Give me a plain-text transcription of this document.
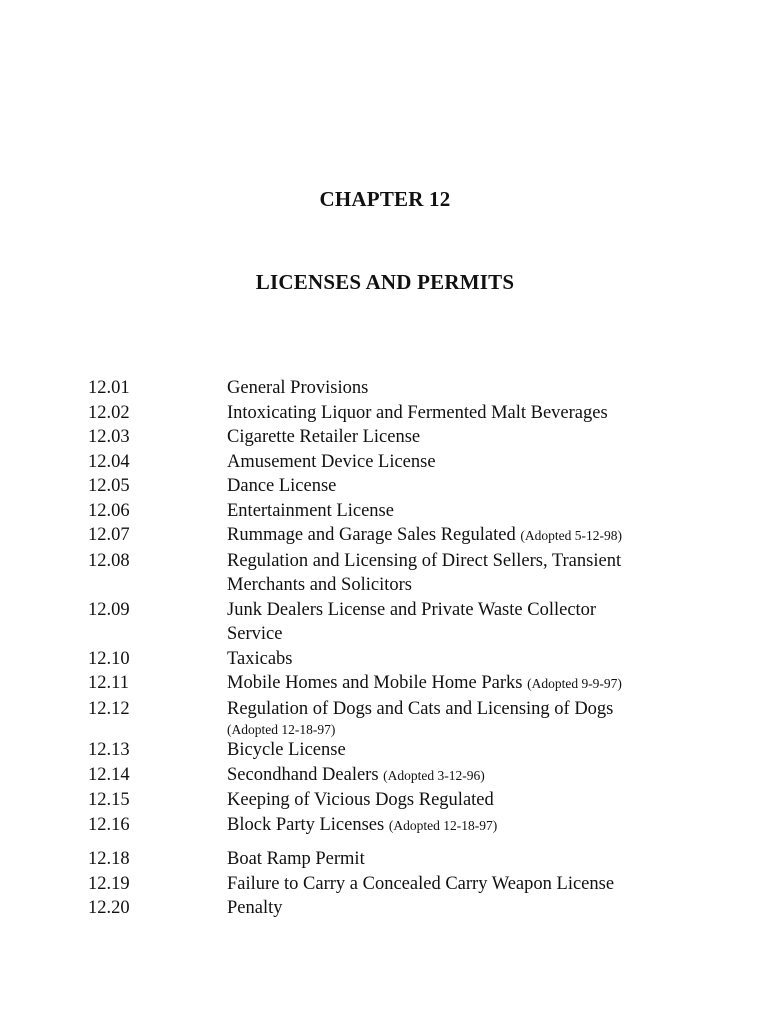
CHAPTER 12
LICENSES AND PERMITS
12.01	General Provisions
12.02	Intoxicating Liquor and Fermented Malt Beverages
12.03	Cigarette Retailer License
12.04	Amusement Device License
12.05	Dance License
12.06	Entertainment License
12.07	Rummage and Garage Sales Regulated (Adopted 5-12-98)
12.08	Regulation and Licensing of Direct Sellers, Transient
Merchants and Solicitors
12.09	Junk Dealers License and Private Waste Collector
Service
12.10	Taxicabs
12.11	Mobile Homes and Mobile Home Parks (Adopted 9-9-97)
12.12	Regulation of Dogs and Cats and Licensing of Dogs
(Adopted 12-18-97)
12.13	Bicycle License
12.14	Secondhand Dealers (Adopted 3-12-96)
12.15	Keeping of Vicious Dogs Regulated
12.16	Block Party Licenses (Adopted 12-18-97)
12.18	Boat Ramp Permit
12.19	Failure to Carry a Concealed Carry Weapon License
12.20	Penalty
